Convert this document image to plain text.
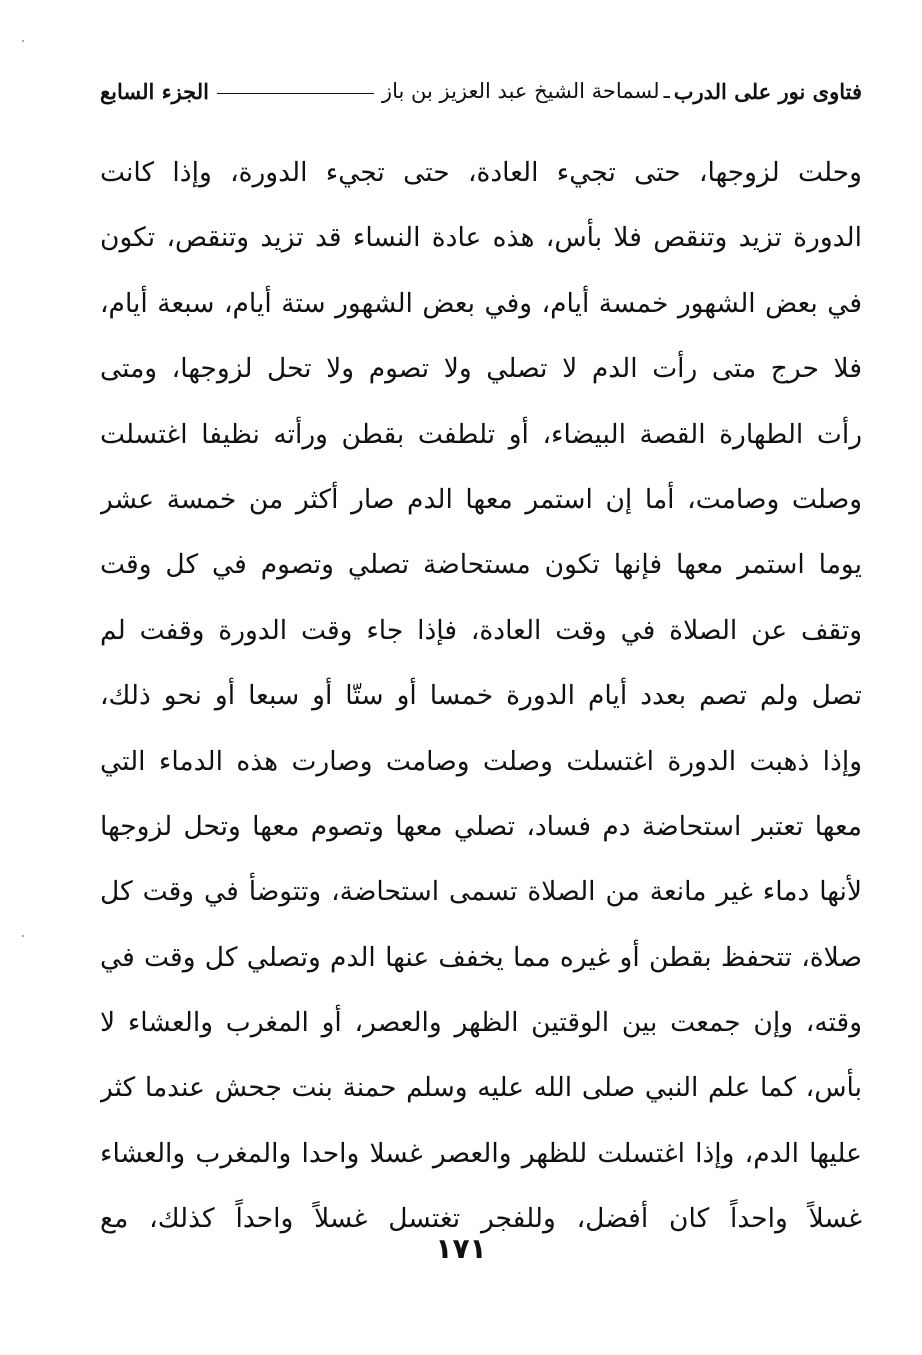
فتاوى نور على الدرب
ـ
لسماحة الشيخ عبد العزيز بن باز
الجزء السابع
وحلت لزوجها، حتى تجيء العادة، حتى تجيء الدورة، وإذا كانت
الدورة تزيد وتنقص فلا بأس، هذه عادة النساء قد تزيد وتنقص، تكون
في بعض الشهور خمسة أيام، وفي بعض الشهور ستة أيام، سبعة أيام،
فلا حرج متى رأت الدم لا تصلي ولا تصوم ولا تحل لزوجها، ومتى
رأت الطهارة القصة البيضاء، أو تلطفت بقطن ورأته نظيفا اغتسلت
وصلت وصامت، أما إن استمر معها الدم صار أكثر من خمسة عشر
يوما استمر معها فإنها تكون مستحاضة تصلي وتصوم في كل وقت
وتقف عن الصلاة في وقت العادة، فإذا جاء وقت الدورة وقفت لم
تصل ولم تصم بعدد أيام الدورة خمسا أو ستّا أو سبعا أو نحو ذلك،
وإذا ذهبت الدورة اغتسلت وصلت وصامت وصارت هذه الدماء التي
معها تعتبر استحاضة دم فساد، تصلي معها وتصوم معها وتحل لزوجها
لأنها دماء غير مانعة من الصلاة تسمى استحاضة، وتتوضأ في وقت كل
صلاة، تتحفظ بقطن أو غيره مما يخفف عنها الدم وتصلي كل وقت في
وقته، وإن جمعت بين الوقتين الظهر والعصر، أو المغرب والعشاء لا
بأس، كما علم النبي صلى الله عليه وسلم حمنة بنت جحش عندما كثر
عليها الدم، وإذا اغتسلت للظهر والعصر غسلا واحدا والمغرب والعشاء
غسلاً واحداً كان أفضل، وللفجر تغتسل غسلاً واحداً كذلك، مع
١٧١
